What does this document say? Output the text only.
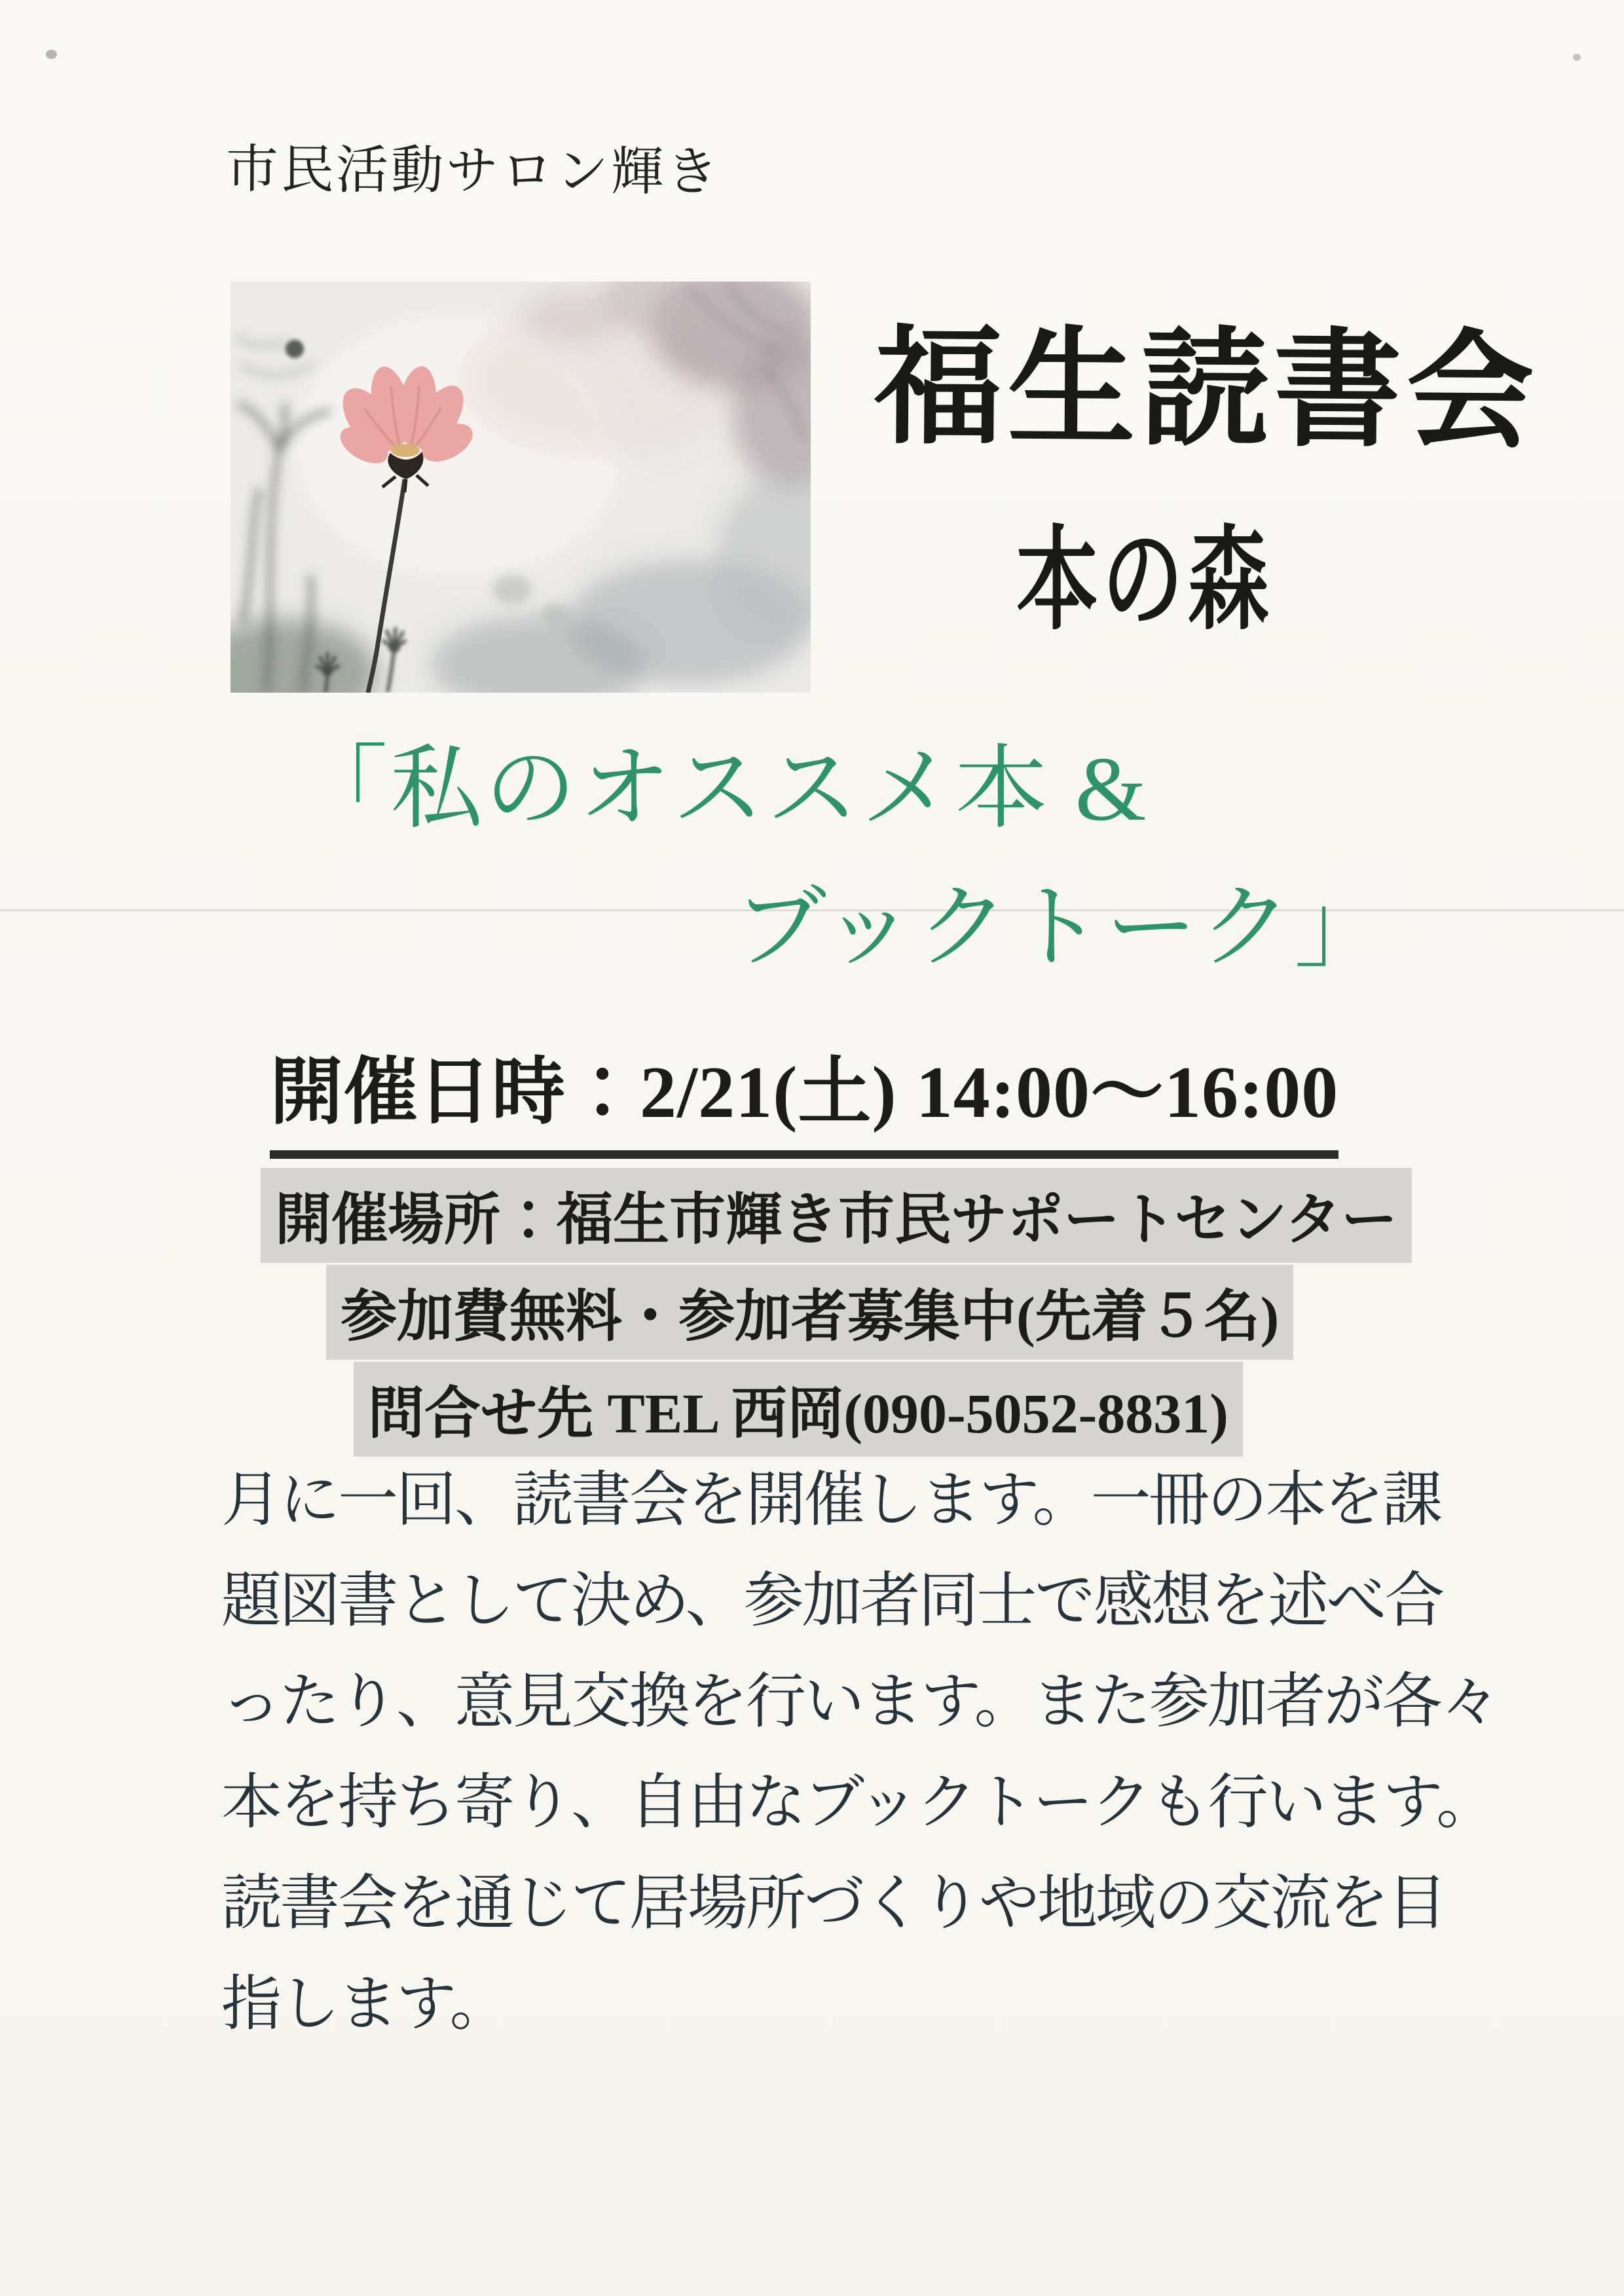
市民活動サロン輝き
福生読書会
本の森
「私のオススメ本 &
ブックトーク」
開催日時：2/21(土) 14:00～16:00
開催場所：福生市輝き市民サポートセンター
参加費無料・参加者募集中(先着５名)
問合せ先 TEL 西岡(090-5052-8831)
月に一回、読書会を開催します。一冊の本を課
題図書として決め、参加者同士で感想を述べ合
ったり、意見交換を行います。また参加者が各々
本を持ち寄り、自由なブックトークも行います。
読書会を通じて居場所づくりや地域の交流を目
指します。
